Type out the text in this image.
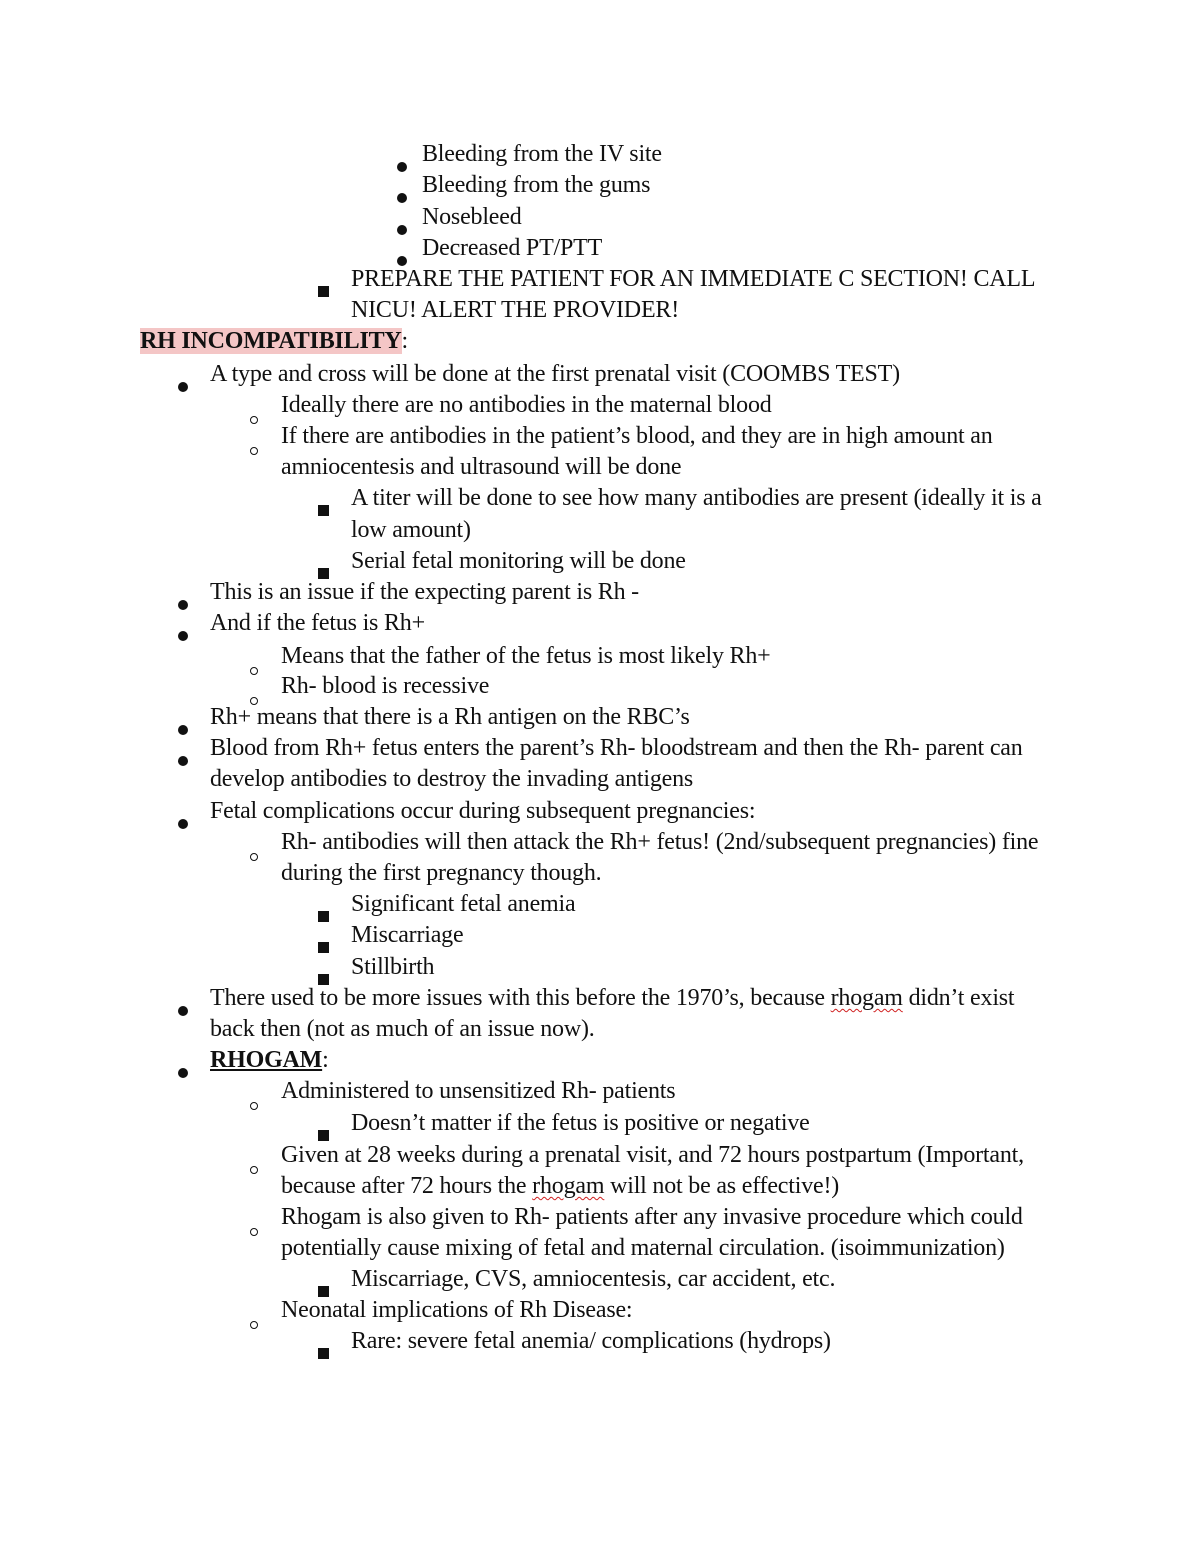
Bleeding from the IV site
Bleeding from the gums
Nosebleed
Decreased PT/PTT
PREPARE THE PATIENT FOR AN IMMEDIATE C SECTION! CALL
NICU! ALERT THE PROVIDER!
RH INCOMPATIBILITY:
A type and cross will be done at the first prenatal visit (COOMBS TEST)
Ideally there are no antibodies in the maternal blood
If there are antibodies in the patient’s blood, and they are in high amount an
amniocentesis and ultrasound will be done
A titer will be done to see how many antibodies are present (ideally it is a
low amount)
Serial fetal monitoring will be done
This is an issue if the expecting parent is Rh -
And if the fetus is Rh+
Means that the father of the fetus is most likely Rh+
Rh- blood is recessive
Rh+ means that there is a Rh antigen on the RBC’s
Blood from Rh+ fetus enters the parent’s Rh- bloodstream and then the Rh- parent can
develop antibodies to destroy the invading antigens
Fetal complications occur during subsequent pregnancies:
Rh- antibodies will then attack the Rh+ fetus! (2nd/subsequent pregnancies) fine
during the first pregnancy though.
Significant fetal anemia
Miscarriage
Stillbirth
There used to be more issues with this before the 1970’s, because rhogam didn’t exist
back then (not as much of an issue now).
RHOGAM:
Administered to unsensitized Rh- patients
Doesn’t matter if the fetus is positive or negative
Given at 28 weeks during a prenatal visit, and 72 hours postpartum (Important,
because after 72 hours the rhogam will not be as effective!)
Rhogam is also given to Rh- patients after any invasive procedure which could
potentially cause mixing of fetal and maternal circulation. (isoimmunization)
Miscarriage, CVS, amniocentesis, car accident, etc.
Neonatal implications of Rh Disease:
Rare: severe fetal anemia/ complications (hydrops)
